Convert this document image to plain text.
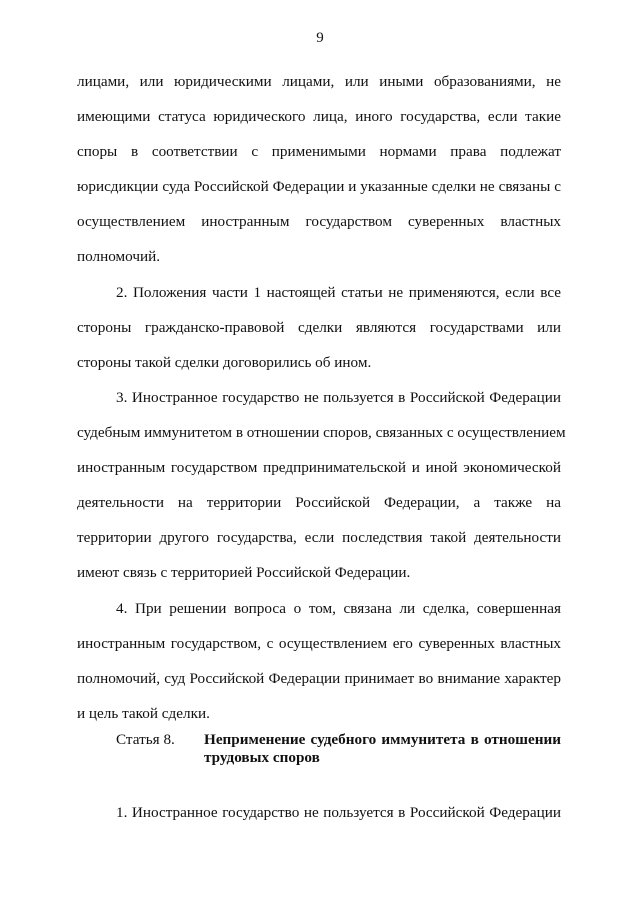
9
лицами, или юридическими лицами, или иными образованиями, не
имеющими статуса юридического лица, иного государства, если такие
споры в соответствии с применимыми нормами права подлежат
юрисдикции суда Российской Федерации и указанные сделки не связаны с
осуществлением иностранным государством суверенных властных
полномочий.
2. Положения части 1 настоящей статьи не применяются, если все
стороны гражданско-правовой сделки являются государствами или
стороны такой сделки договорились об ином.
3. Иностранное государство не пользуется в Российской Федерации
судебным иммунитетом в отношении споров, связанных с осуществлением
иностранным государством предпринимательской и иной экономической
деятельности на территории Российской Федерации, а также на
территории другого государства, если последствия такой деятельности
имеют связь с территорией Российской Федерации.
4. При решении вопроса о том, связана ли сделка, совершенная
иностранным государством, с осуществлением его суверенных властных
полномочий, суд Российской Федерации принимает во внимание характер
и цель такой сделки.
Статья 8. Неприменение судебного иммунитета в отношении
трудовых споров
1. Иностранное государство не пользуется в Российской Федерации
